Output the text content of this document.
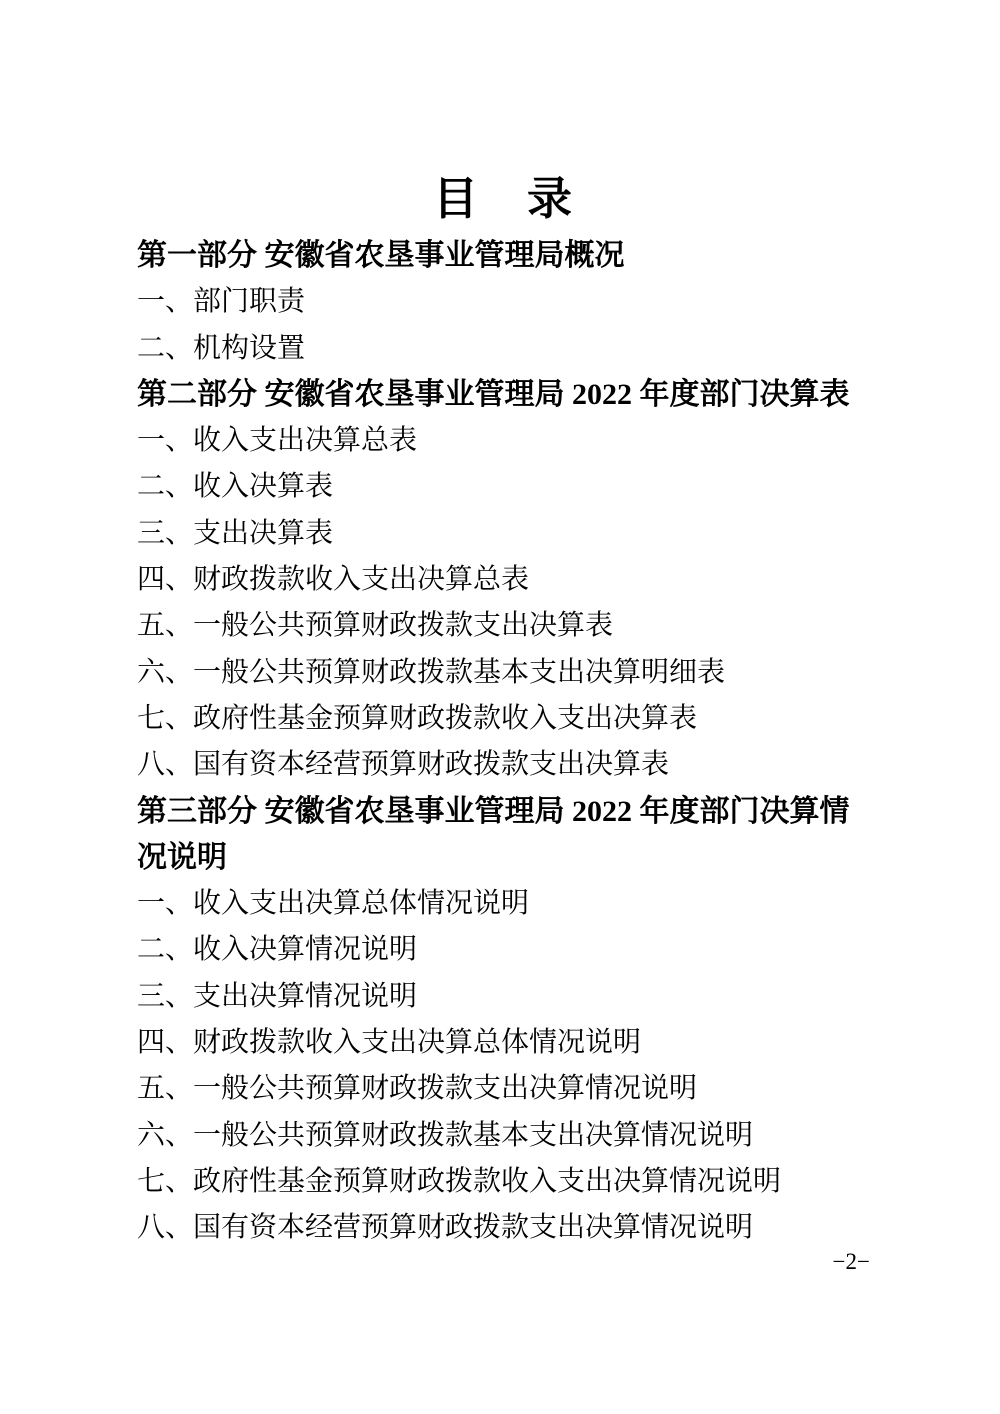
目　录

第一部分 安徽省农垦事业管理局概况

一、部门职责

二、机构设置

第二部分 安徽省农垦事业管理局 2022 年度部门决算表

一、收入支出决算总表

二、收入决算表

三、支出决算表

四、财政拨款收入支出决算总表

五、一般公共预算财政拨款支出决算表

六、一般公共预算财政拨款基本支出决算明细表

七、政府性基金预算财政拨款收入支出决算表

八、国有资本经营预算财政拨款支出决算表

第三部分 安徽省农垦事业管理局 2022 年度部门决算情况说明

一、收入支出决算总体情况说明

二、收入决算情况说明

三、支出决算情况说明

四、财政拨款收入支出决算总体情况说明

五、一般公共预算财政拨款支出决算情况说明

六、一般公共预算财政拨款基本支出决算情况说明

七、政府性基金预算财政拨款收入支出决算情况说明

八、国有资本经营预算财政拨款支出决算情况说明

−2−
